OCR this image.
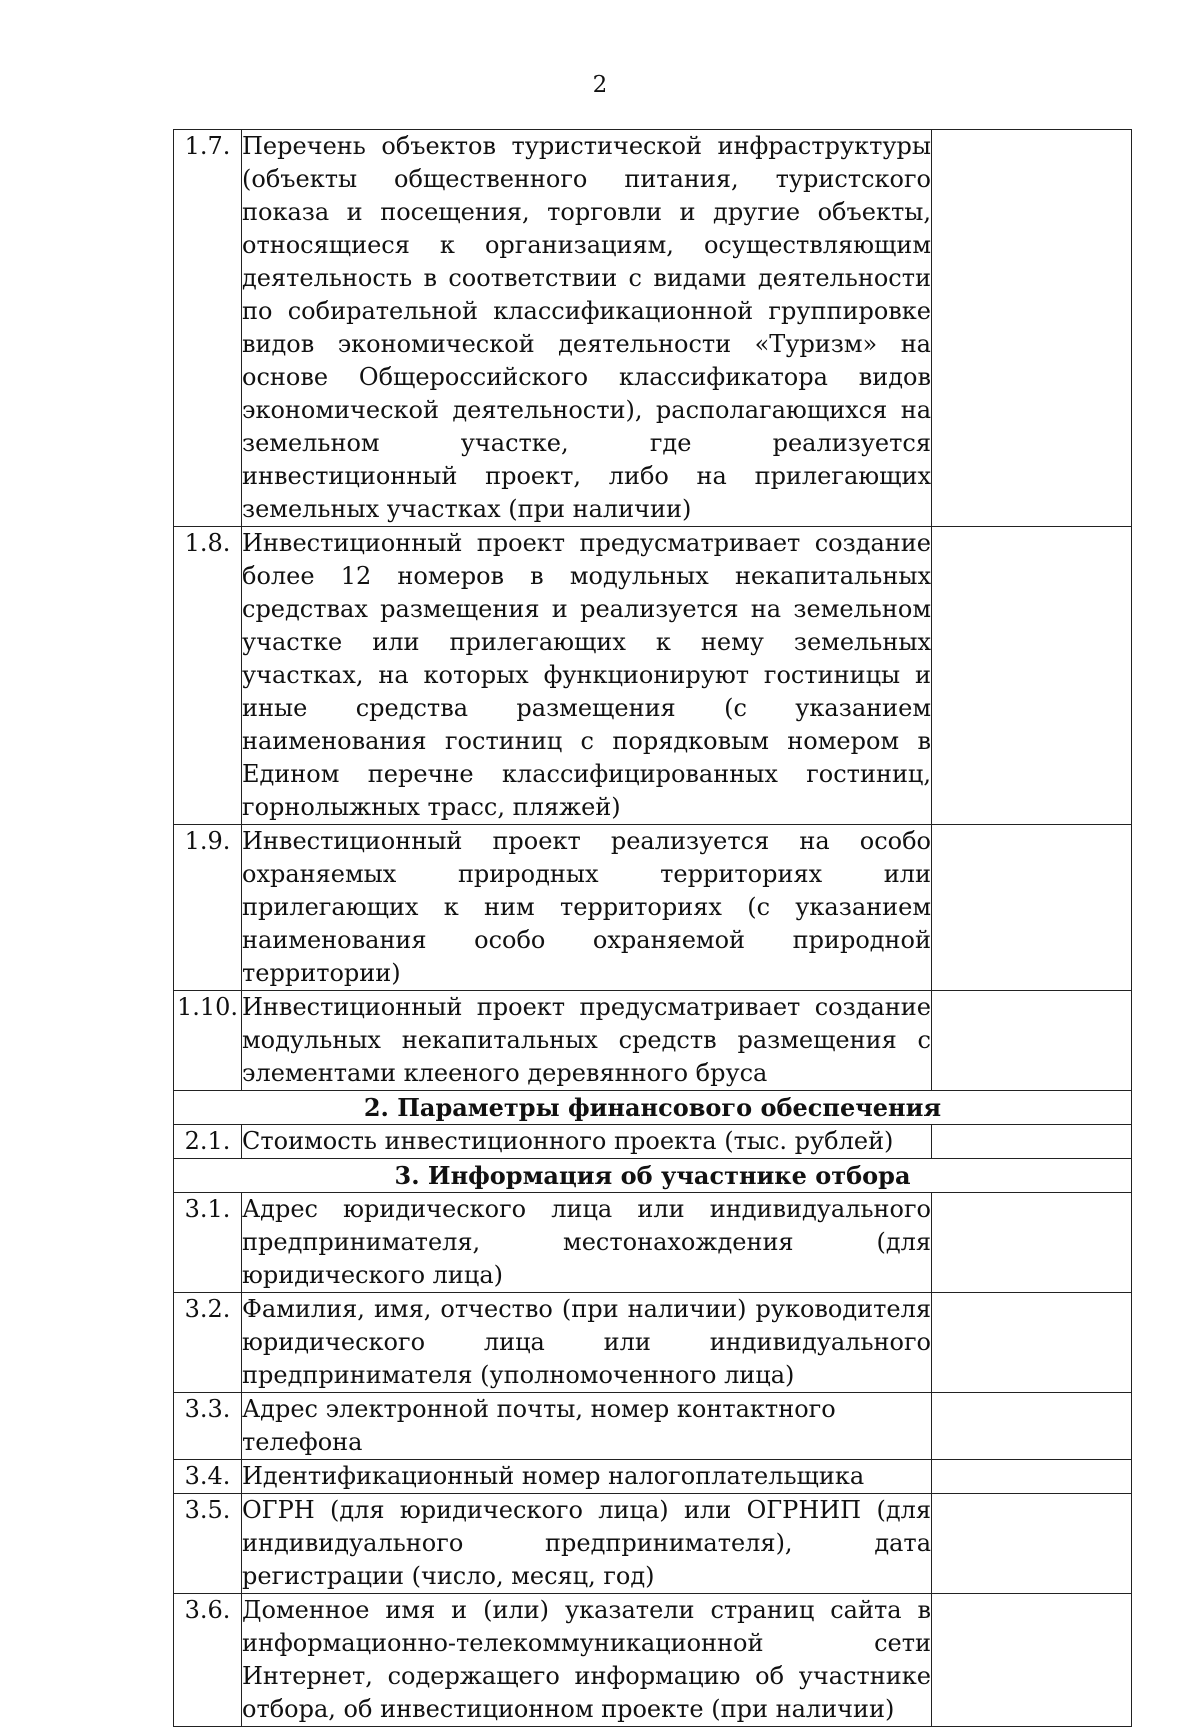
2
1.7.	Перечень объектов туристической инфраструктуры (объекты общественного питания, туристского показа и посещения, торговли и другие объекты, относящиеся к организациям, осуществляющим деятельность в соответствии с видами деятельности по собирательной классификационной группировке видов экономической деятельности «Туризм» на основе Общероссийского классификатора видов экономической деятельности), располагающихся на земельном участке, где реализуется инвестиционный проект, либо на прилегающих земельных участках (при наличии)	
1.8.	Инвестиционный проект предусматривает создание более 12 номеров в модульных некапитальных средствах размещения и реализуется на земельном участке или прилегающих к нему земельных участках, на которых функционируют гостиницы и иные средства размещения (с указанием наименования гостиниц с порядковым номером в Едином перечне классифицированных гостиниц, горнолыжных трасс, пляжей)	
1.9.	Инвестиционный проект реализуется на особо охраняемых природных территориях или прилегающих к ним территориях (с указанием наименования особо охраняемой природной территории)	
1.10.	Инвестиционный проект предусматривает создание модульных некапитальных средств размещения с элементами клееного деревянного бруса	
2. Параметры финансового обеспечения		
2.1.	Стоимость инвестиционного проекта (тыс. рублей)	
3. Информация об участнике отбора		
3.1.	Адрес юридического лица или индивидуального предпринимателя, местонахождения (для юридического лица)	
3.2.	Фамилия, имя, отчество (при наличии) руководителя юридического лица или индивидуального предпринимателя (уполномоченного лица)	
3.3.	Адрес электронной почты, номер контактного телефона	
3.4.	Идентификационный номер налогоплательщика	
3.5.	ОГРН (для юридического лица) или ОГРНИП (для индивидуального предпринимателя), дата регистрации (число, месяц, год)	
3.6.	Доменное имя и (или) указатели страниц сайта в информационно-телекоммуникационной сети Интернет, содержащего информацию об участнике отбора, об инвестиционном проекте (при наличии)	
